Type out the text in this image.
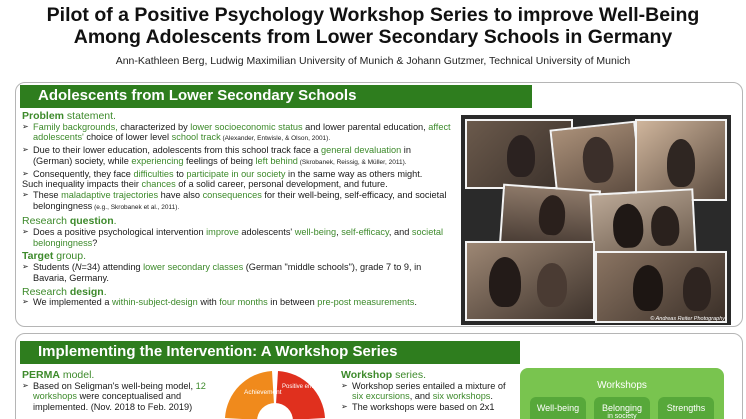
Pilot of a Positive Psychology Workshop Series to improve Well-Being
Among Adolescents from Lower Secondary Schools in Germany
Ann-Kathleen Berg, Ludwig Maximilian University of Munich & Johann Gutzmer, Technical University of Munich
Adolescents from Lower Secondary Schools
Problem statement.
➢ Family backgrounds, characterized by lower socioeconomic status and lower parental education, affect adolescents' choice of lower level school track (Alexander, Entwisle, & Olson, 2001).
➢ Due to their lower education, adolescents from this school track face a general devaluation in (German) society, while experiencing feelings of being left behind (Skrobanek, Reissig, & Müller, 2011).
➢ Consequently, they face difficulties to participate in our society in the same way as others might.
Such inequality impacts their chances of a solid career, personal development, and future.
➢ These maladaptive trajectories have also consequences for their well-being, self-efficacy, and societal belongingness (e.g., Skrobanek et al., 2011).
Research question.
➢ Does a positive psychological intervention improve adolescents' well-being, self-efficacy, and societal belongingness?
Target group.
➢ Students (N=34) attending lower secondary classes (German "middle schools"), grade 7 to 9, in Bavaria, Germany.
Research design.
➢ We implemented a within-subject-design with four months in between pre-post measurements.
© Andreas Reiter Photography
Implementing the Intervention: A Workshop Series
PERMA model.
➢ Based on Seligman's well-being model, 12 workshops were conceptualised and implemented. (Nov. 2018 to Feb. 2019)
Achievement
Positive emotion
Workshop series.
➢ Workshop series entailed a mixture of six excursions, and six workshops.
➢ The workshops were based on 2x1
Workshops
Well-being	Belonging
in society
Strengths
